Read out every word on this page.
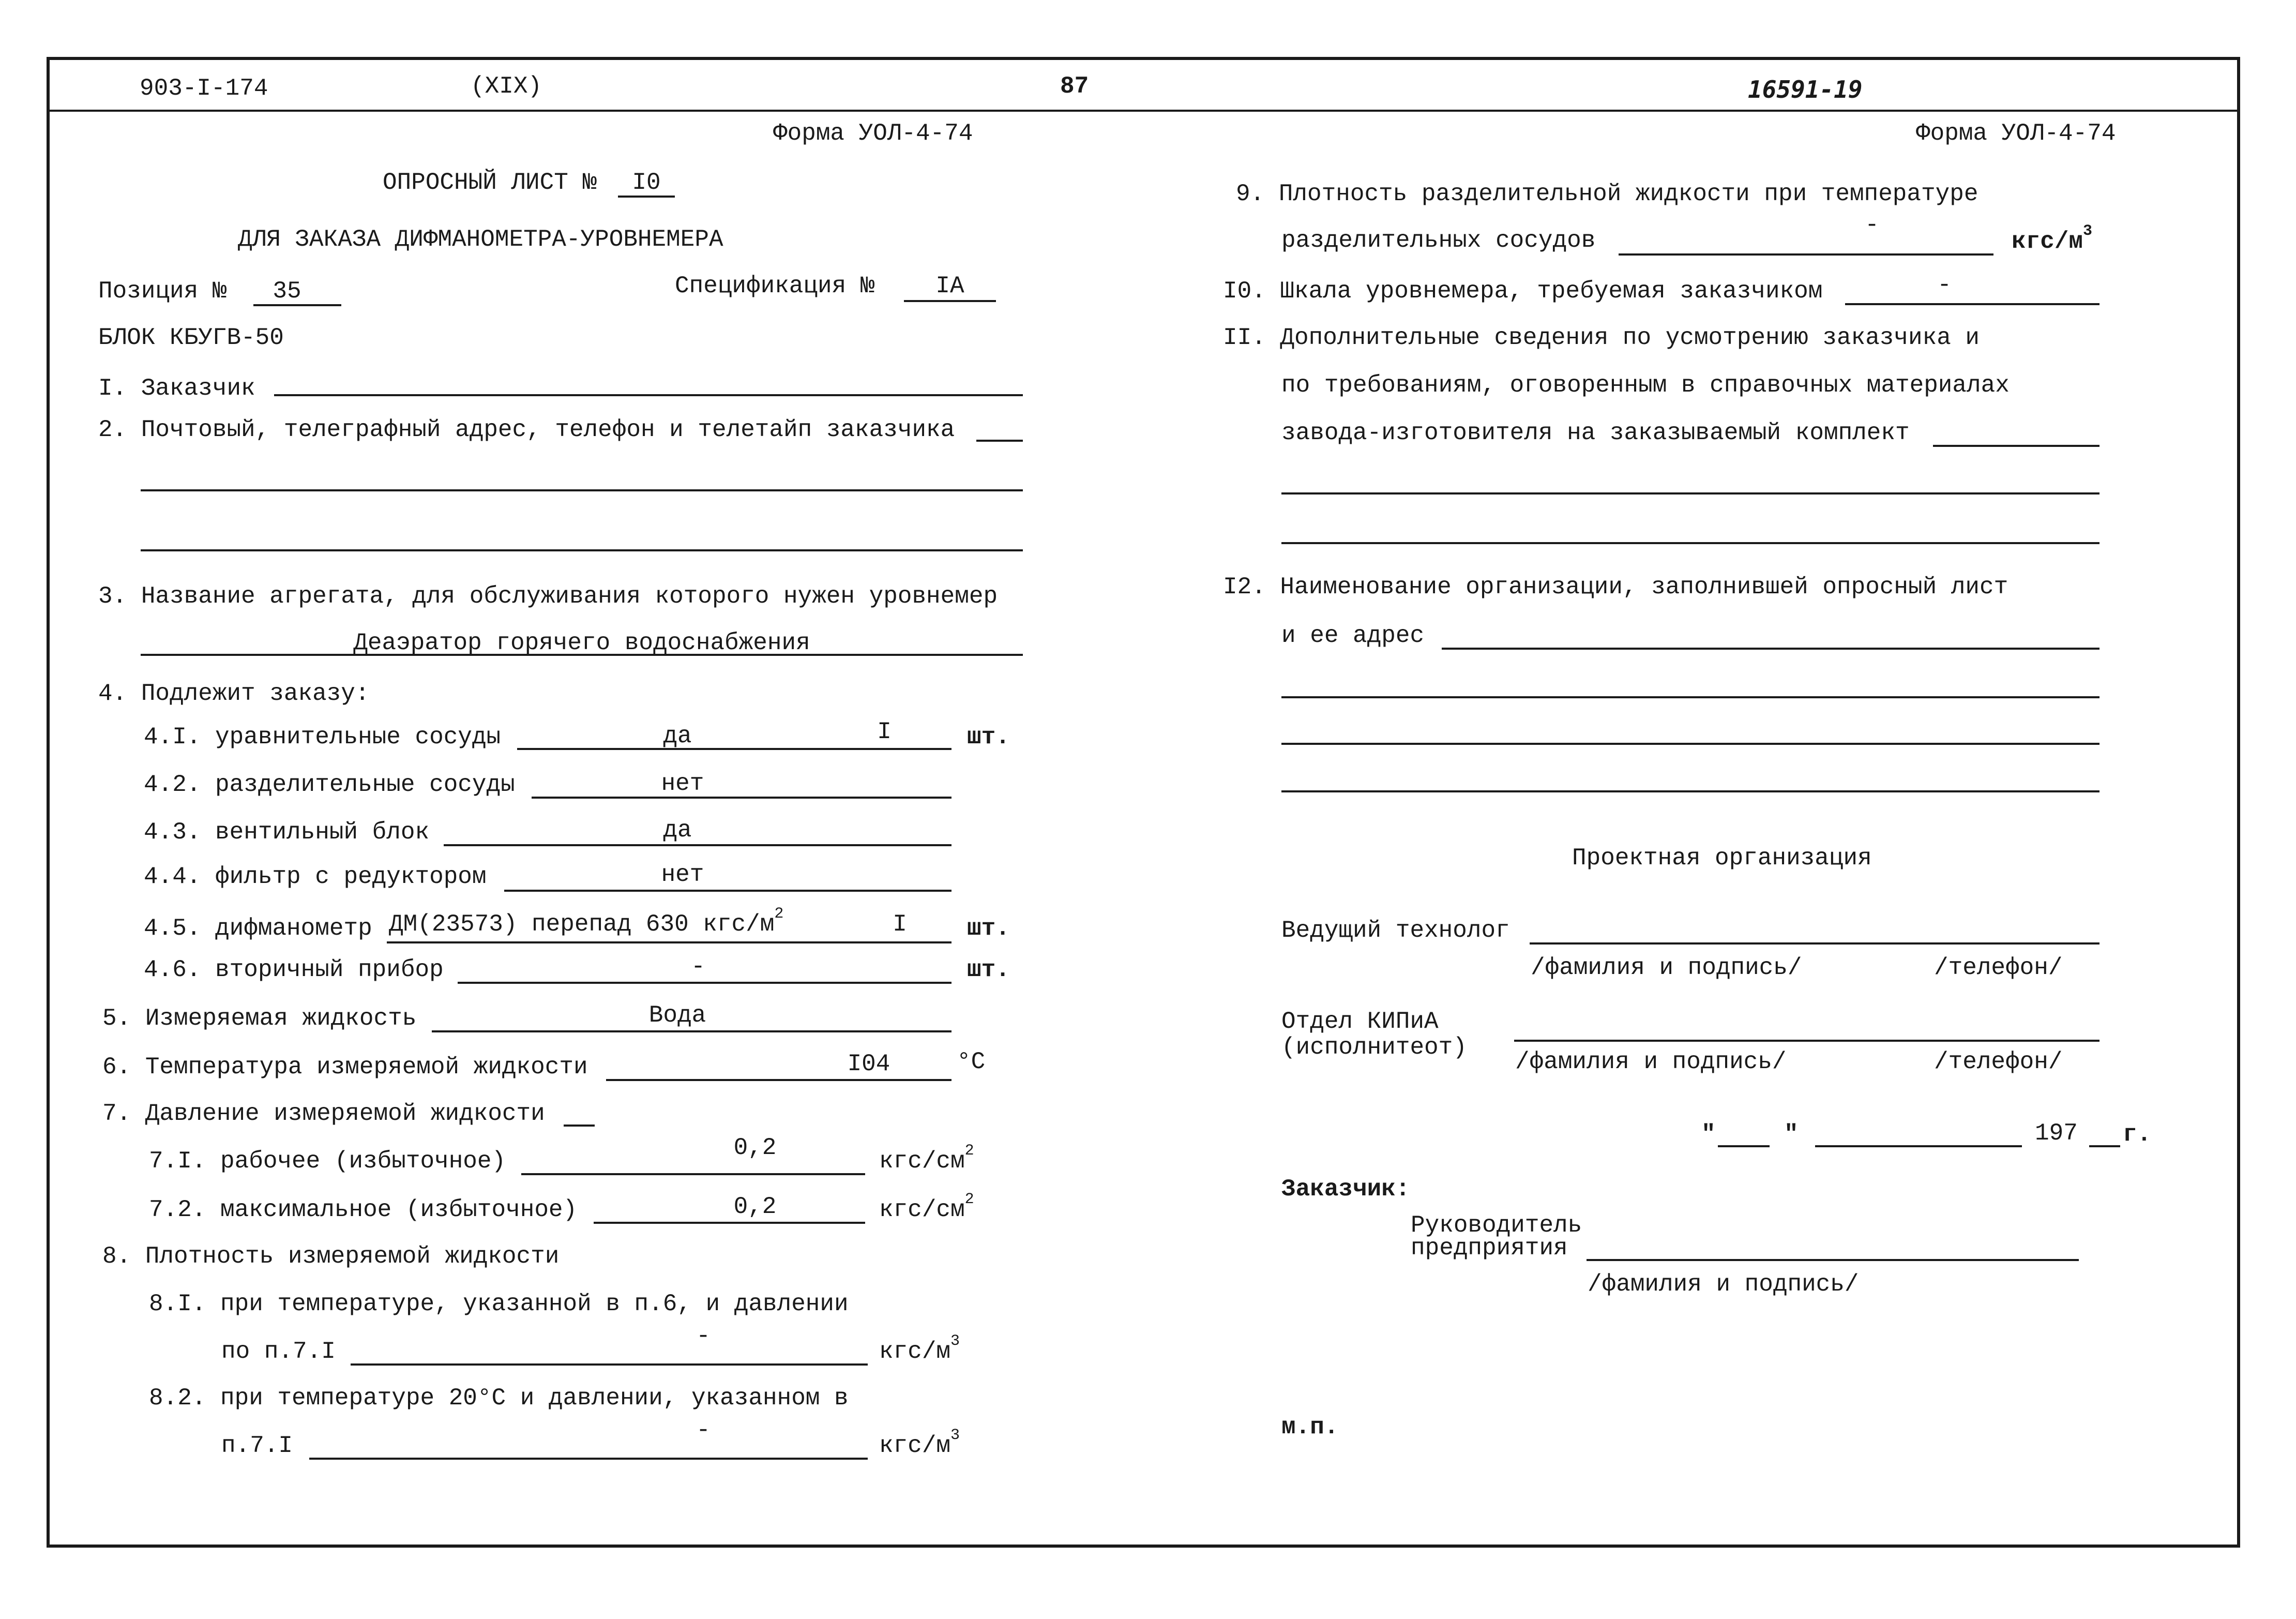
903-I-174	(XIX)	87	16591-19
Форма УОЛ-4-74
ОПРОСНЫЙ ЛИСТ №	I0
ДЛЯ ЗАКАЗА ДИФМАНОМЕТРА-УРОВНЕМЕРА
Позиция №	35	Спецификация №	IA
БЛОК КБУГВ-50
I. Заказчик
2. Почтовый, телеграфный адрес, телефон и телетайп заказчика
3. Название агрегата, для обслуживания которого нужен уровнемер
Деаэратор горячего водоснабжения
4. Подлежит заказу:
4.I. уравнительные сосуды	да	I	шт.
4.2. разделительные сосуды	нет
4.3. вентильный блок	да
4.4. фильтр с редуктором	нет
4.5. дифманометр ДМ(23573) перепад 630 кгс/$м^2$	I	шт.
4.6. вторичный прибор	-	шт.
5. Измеряемая жидкость	Вода
6. Температура измеряемой жидкости	I04	°С
7. Давление измеряемой жидкости
7.I. рабочее (избыточное)	0,2	кгс/$см^2$
7.2. максимальное (избыточное)	0,2	кгс/$см^2$
8. Плотность измеряемой жидкости
8.I. при температуре, указанной в п.6, и давлении
по п.7.I
-
кгс/$м^3$
8.2. при температуре 20°С и давлении, указанном в
п.7.I
-
кгс/$м^3$
Форма УОЛ-4-74
9. Плотность разделительной жидкости при температуре
разделительных сосудов
-
кгс/$м^3$
I0. Шкала уровнемера, требуемая заказчиком	-
II. Дополнительные сведения по усмотрению заказчика и
по требованиям, оговоренным в справочных материалах
завода-изготовителя на заказываемый комплект
I2. Наименование организации, заполнившей опросный лист
и ее адрес
Проектная организация
Ведущий технолог
/фамилия и подпись/	/телефон/
Отдел КИПиА
(исполнитеот)
/фамилия и подпись/	/телефон/
"	"	197 г.
Заказчик:
Руководитель
предприятия
/фамилия и подпись/
м.п.
